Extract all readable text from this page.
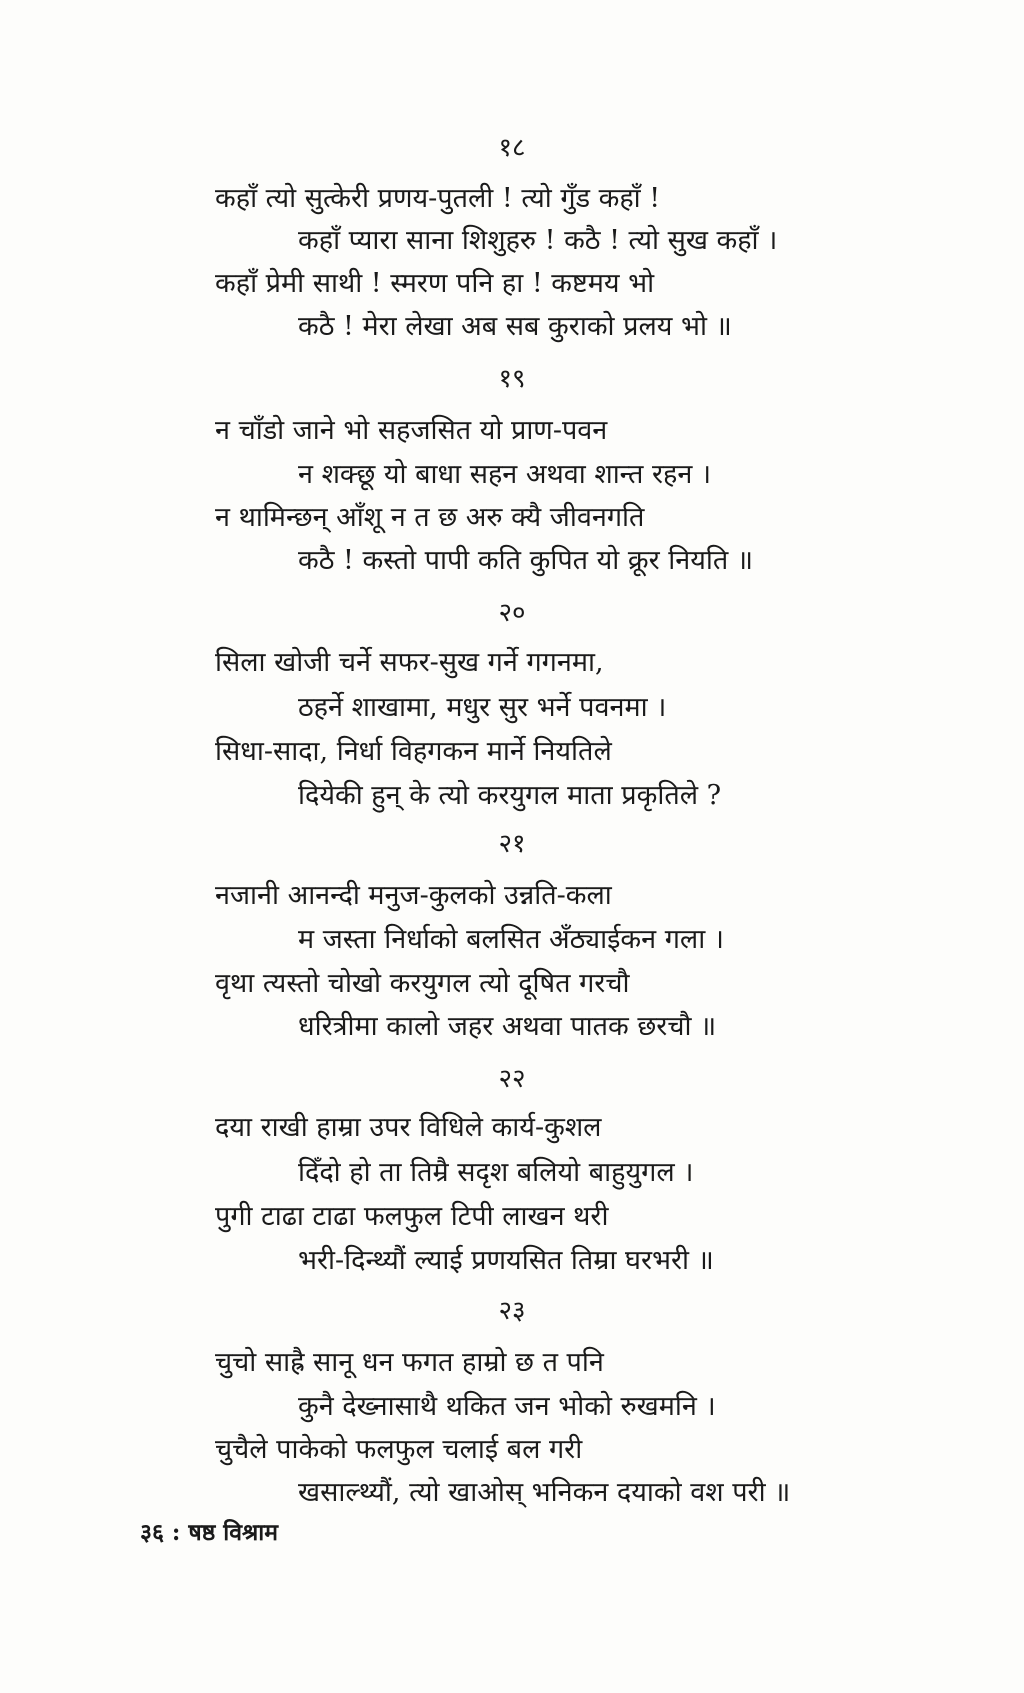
१८
कहाँ त्यो सुत्केरी प्रणय-पुतली ! त्यो गुँड कहाँ !
कहाँ प्यारा साना शिशुहरु ! कठै ! त्यो सुख कहाँ ।
कहाँ प्रेमी साथी ! स्मरण पनि हा ! कष्टमय भो
कठै ! मेरा लेखा अब सब कुराको प्रलय भो ॥
१९
न चाँडो जाने भो सहजसित यो प्राण-पवन
न शक्छू यो बाधा सहन अथवा शान्त रहन ।
न थामिन्छन् आँशू न त छ अरु क्यै जीवनगति
कठै ! कस्तो पापी कति कुपित यो क्रूर नियति ॥
२०
सिला खोजी चर्ने सफर-सुख गर्ने गगनमा,
ठहर्ने शाखामा, मधुर सुर भर्ने पवनमा ।
सिधा-सादा, निर्धा विहगकन मार्ने नियतिले
दियेकी हुन् के त्यो करयुगल माता प्रकृतिले ?
२१
नजानी आनन्दी मनुज-कुलको उन्नति-कला
म जस्ता निर्धाको बलसित अँठ्याईकन गला ।
वृथा त्यस्तो चोखो करयुगल त्यो दूषित गरचौ
धरित्रीमा कालो जहर अथवा पातक छरचौ ॥
२२
दया राखी हाम्रा उपर विधिले कार्य-कुशल
दिँदो हो ता तिम्रै सदृश बलियो बाहुयुगल ।
पुगी टाढा टाढा फलफुल टिपी लाखन थरी
भरी-दिन्थ्यौं ल्याई प्रणयसित तिम्रा घरभरी ॥
२३
चुचो साह्रै सानू धन फगत हाम्रो छ त पनि
कुनै देख्नासाथै थकित जन भोको रुखमनि ।
चुचैले पाकेको फलफुल चलाई बल गरी
खसाल्थ्यौं, त्यो खाओस् भनिकन दयाको वश परी ॥
३६ : षष्ठ विश्राम
